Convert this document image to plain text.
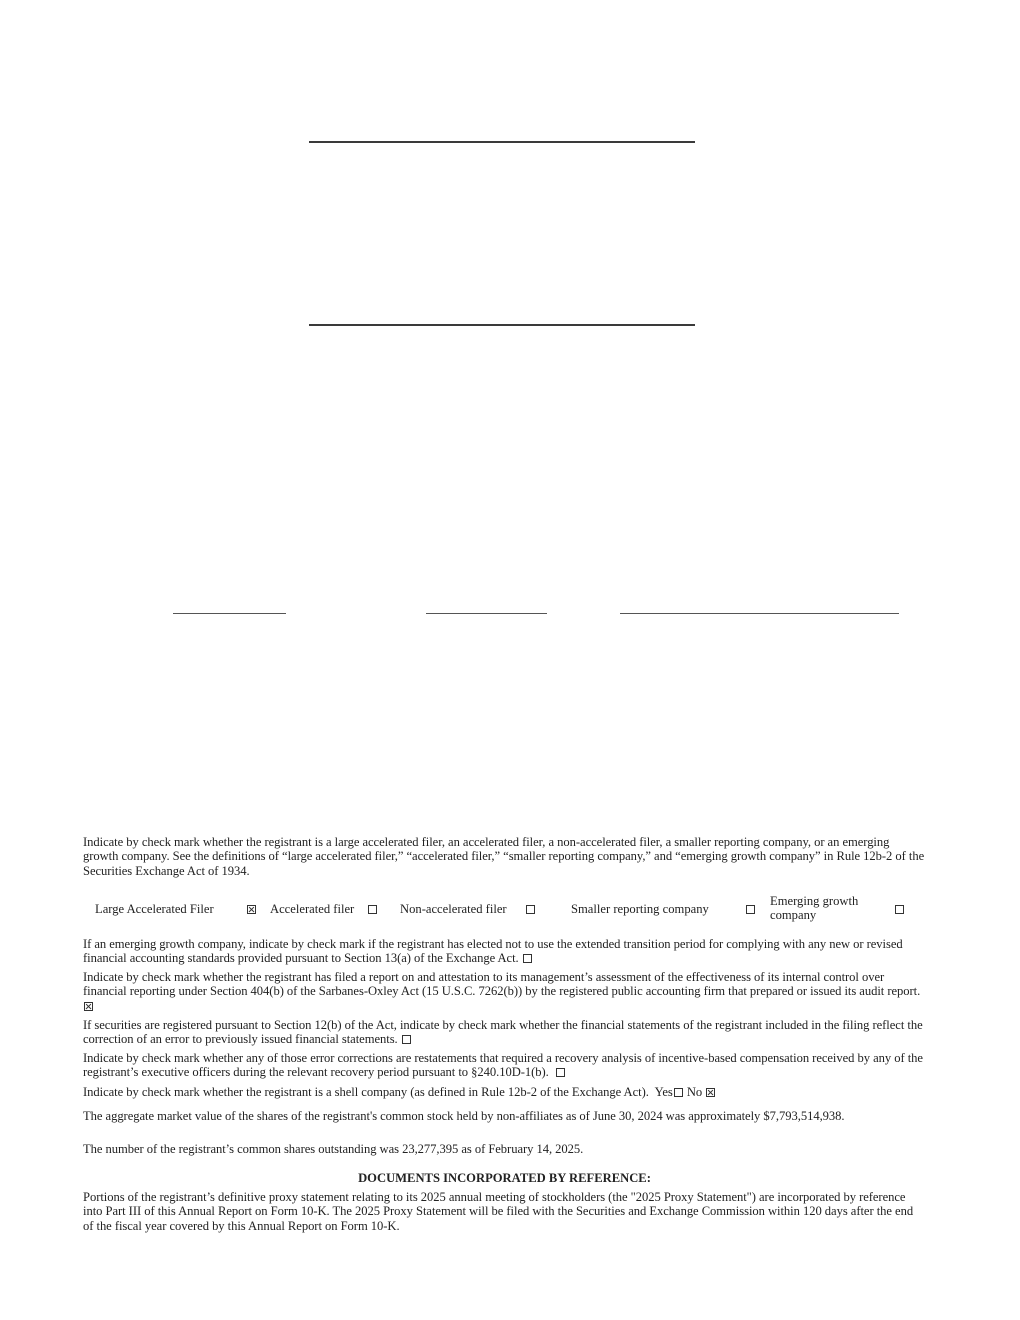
Indicate by check mark whether the registrant is a large accelerated filer, an accelerated filer, a non-accelerated filer, a smaller reporting company, or an emerging growth company. See the definitions of “large accelerated filer,” “accelerated filer,” “smaller reporting company,” and “emerging growth company” in Rule 12b-2 of the Securities Exchange Act of 1934.
Large Accelerated Filer	Accelerated filer	Non-accelerated filer	Smaller reporting company
Emerging growth
company
If an emerging growth company, indicate by check mark if the registrant has elected not to use the extended transition period for complying with any new or revised financial accounting standards provided pursuant to Section 13(a) of the Exchange Act.
Indicate by check mark whether the registrant has filed a report on and attestation to its management’s assessment of the effectiveness of its internal control over financial reporting under Section 404(b) of the Sarbanes-Oxley Act (15 U.S.C. 7262(b)) by the registered public accounting firm that prepared or issued its audit report.
If securities are registered pursuant to Section 12(b) of the Act, indicate by check mark whether the financial statements of the registrant included in the filing reflect the correction of an error to previously issued financial statements.
Indicate by check mark whether any of those error corrections are restatements that required a recovery analysis of incentive-based compensation received by any of the registrant’s executive officers during the relevant recovery period pursuant to §240.10D-1(b).
Indicate by check mark whether the registrant is a shell company (as defined in Rule 12b-2 of the Exchange Act). Yes No
The aggregate market value of the shares of the registrant's common stock held by non-affiliates as of June 30, 2024 was approximately $7,793,514,938.
The number of the registrant’s common shares outstanding was 23,277,395 as of February 14, 2025.
DOCUMENTS INCORPORATED BY REFERENCE:
Portions of the registrant’s definitive proxy statement relating to its 2025 annual meeting of stockholders (the "2025 Proxy Statement") are incorporated by reference into Part III of this Annual Report on Form 10-K. The 2025 Proxy Statement will be filed with the Securities and Exchange Commission within 120 days after the end of the fiscal year covered by this Annual Report on Form 10-K.
